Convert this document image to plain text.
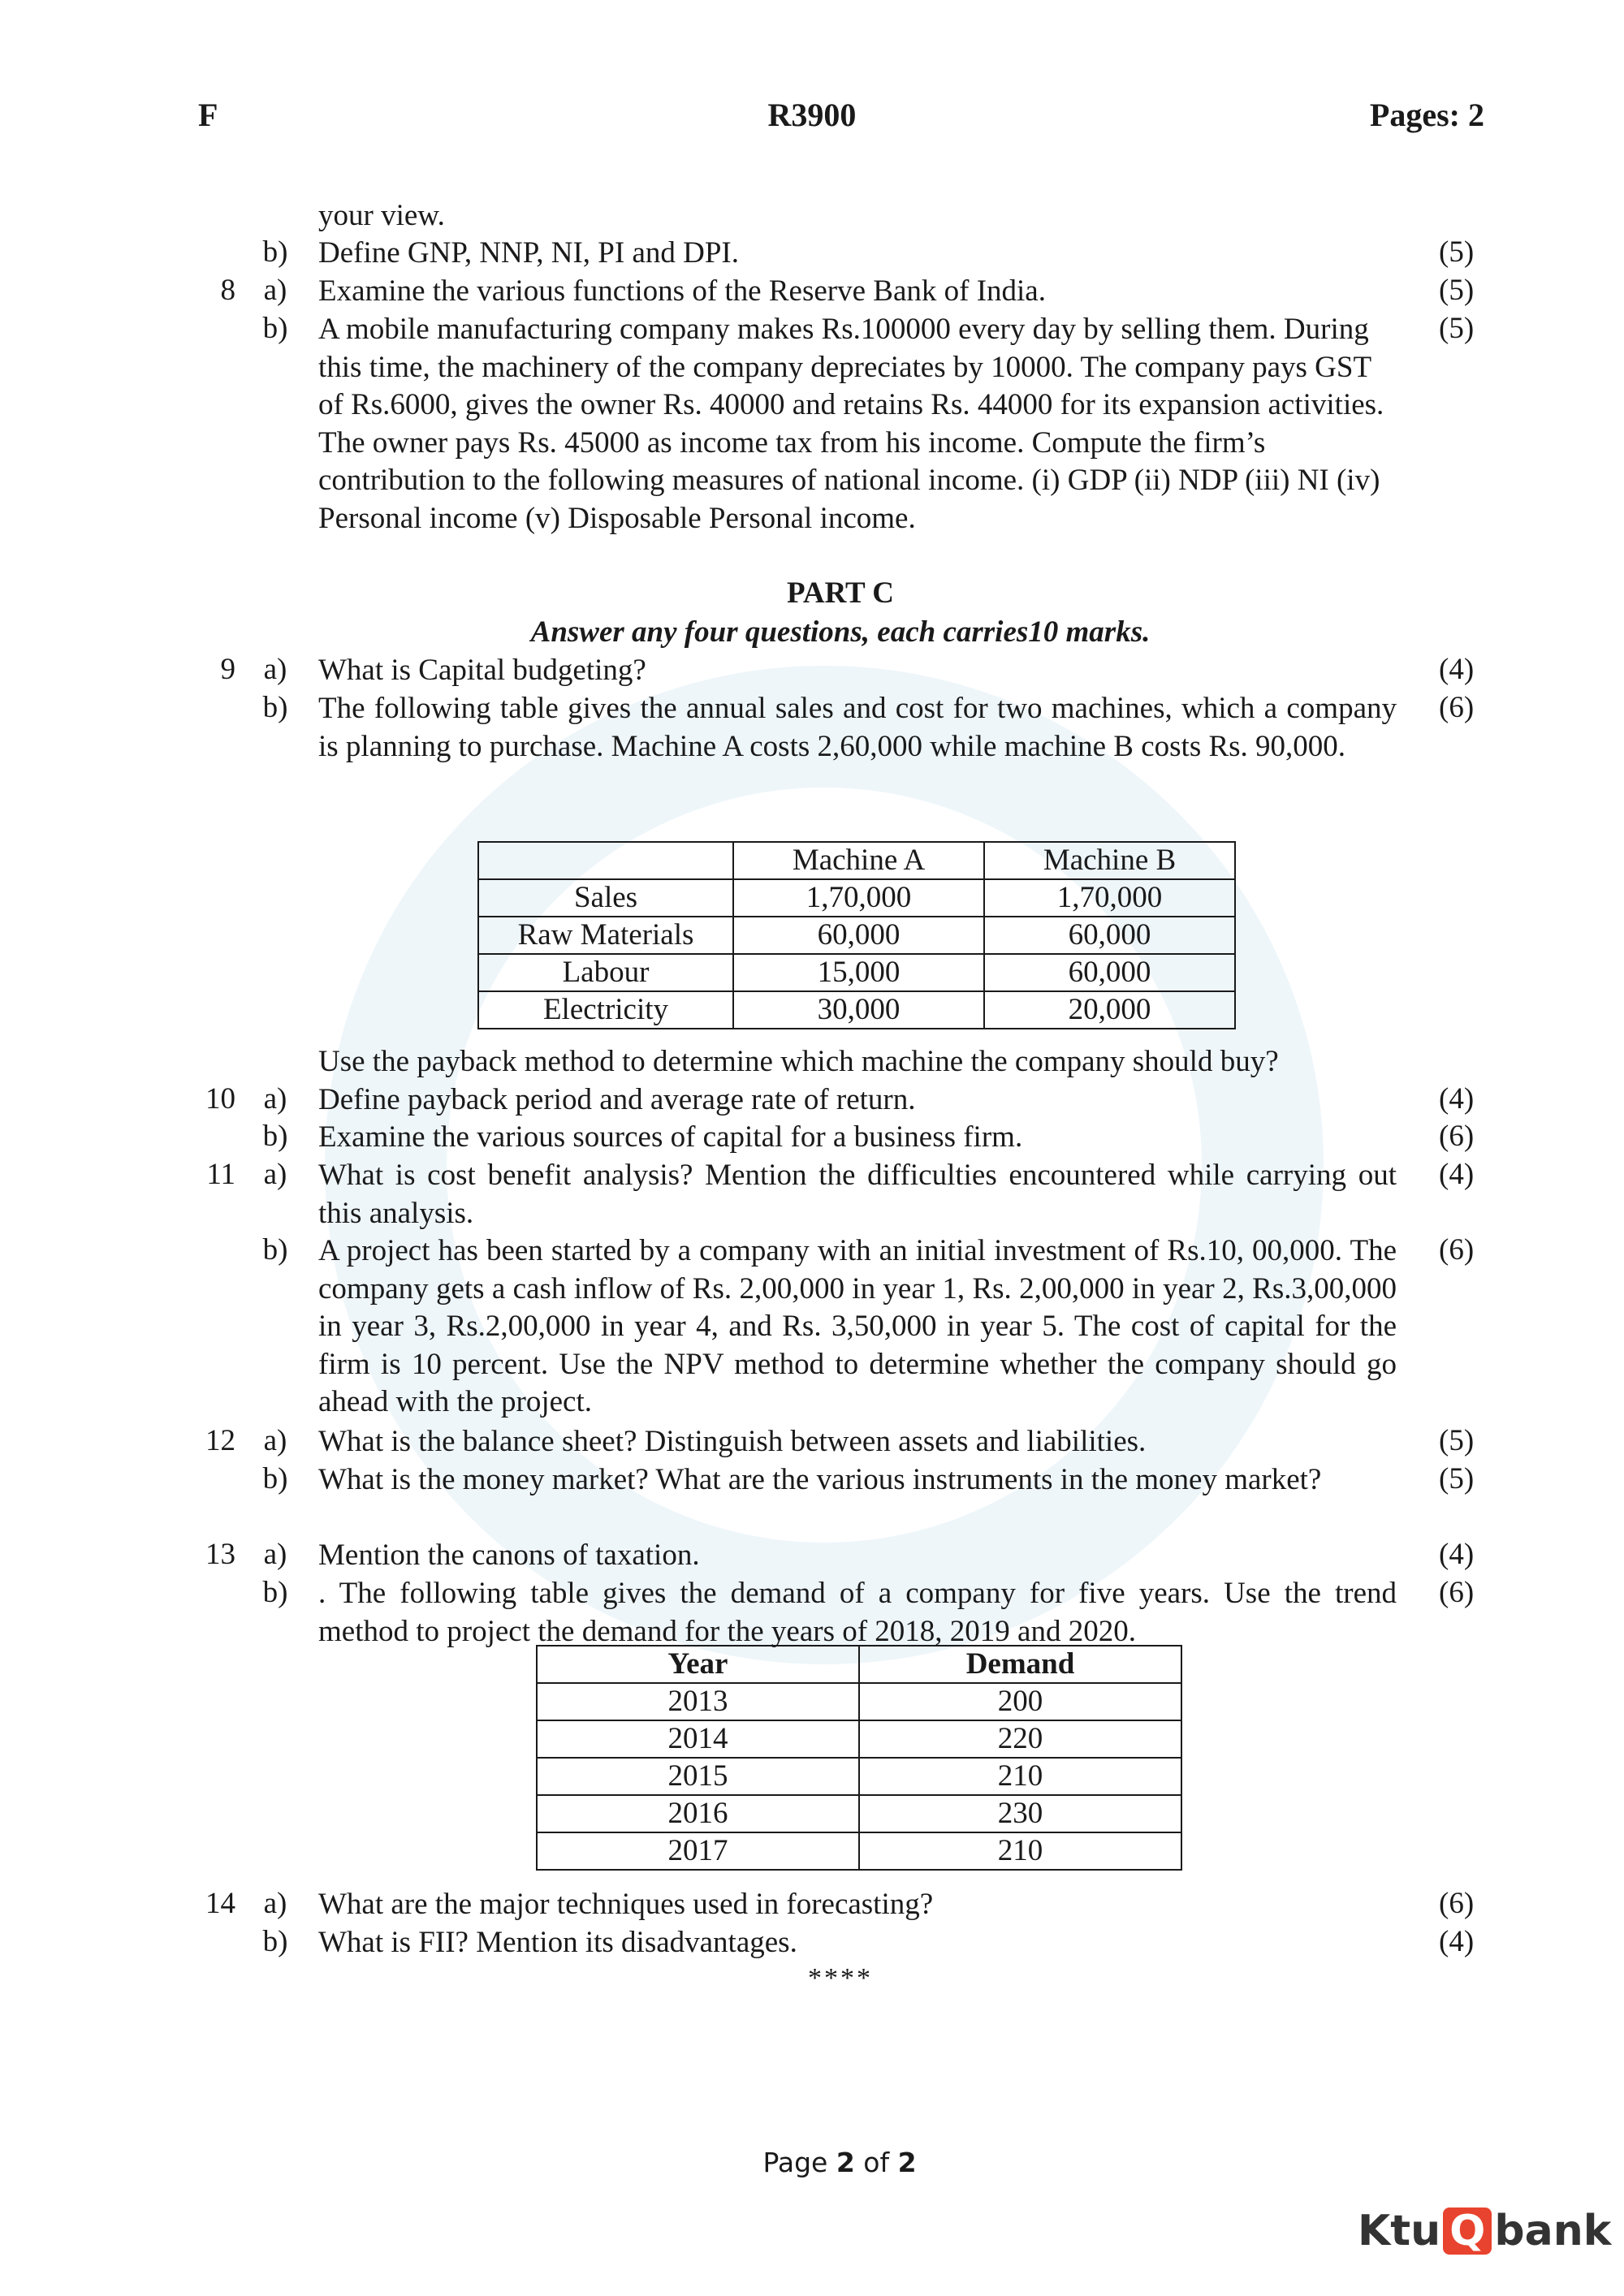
F	R3900	Pages: 2
your view.
b) Define GNP, NNP, NI, PI and DPI.	(5)
8 a) Examine the various functions of the Reserve Bank of India.	(5)
b) A mobile manufacturing company makes Rs.100000 every day by selling them. During this time, the machinery of the company depreciates by 10000. The company pays GST of Rs.6000, gives the owner Rs. 40000 and retains Rs. 44000 for its expansion activities. The owner pays Rs. 45000 as income tax from his income. Compute the firm’s contribution to the following measures of national income. (i) GDP (ii) NDP (iii) NI (iv) Personal income (v) Disposable Personal income.
(5)
9 a) What is Capital budgeting?	(4)
b) The following table gives the annual sales and cost for two machines, which a company is planning to purchase. Machine A costs 2,60,000 while machine B costs Rs. 90,000.
(6)
Use the payback method to determine which machine the company should buy?
10 a) Define payback period and average rate of return.	(4)
b) Examine the various sources of capital for a business firm.	(6)
11 a) What is cost benefit analysis? Mention the difficulties encountered while carrying out this analysis.
(4)
b) A project has been started by a company with an initial investment of Rs.10, 00,000. The company gets a cash inflow of Rs. 2,00,000 in year 1, Rs. 2,00,000 in year 2, Rs.3,00,000 in year 3, Rs.2,00,000 in year 4, and Rs. 3,50,000 in year 5. The cost of capital for the firm is 10 percent. Use the NPV method to determine whether the company should go ahead with the project.
(6)
12 a) What is the balance sheet? Distinguish between assets and liabilities.	(5)
b) What is the money market? What are the various instruments in the money market?	(5)
13 a) Mention the canons of taxation.	(4)
b) . The following table gives the demand of a company for five years. Use the trend method to project the demand for the years of 2018, 2019 and 2020.
(6)
14 a) What are the major techniques used in forecasting?	(6)
b) What is FII? Mention its disadvantages.	(4)
PART C
Answer any four questions, each carries10 marks.
	Machine A	Machine B
Sales	1,70,000	1,70,000
Raw Materials	60,000	60,000
Labour	15,000	60,000
Electricity	30,000	20,000
Year	Demand
2013	200
2014	220
2015	210
2016	230
2017	210
****
Page 2 of 2
Ktu Q bank
